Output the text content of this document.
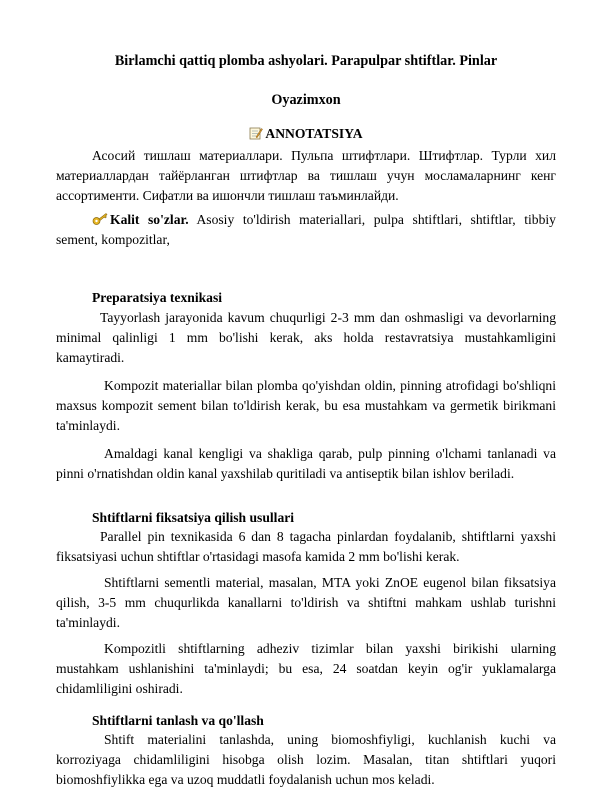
Birlamchi qattiq plomba ashyolari. Parapulpar shtiftlar. Pinlar
Oyazimxon
ANNOTATSIYA
Асосий тишлаш материаллари. Пульпа штифтлари. Штифтлар. Турли хил материаллардан тайёрланган штифтлар ва тишлаш учун мосламаларнинг кенг ассортименти. Сифатли ва ишончли тишлаш таъминлайди.
Kalit so'zlar. Asosiy to'ldirish materiallari, pulpa shtiftlari, shtiftlar, tibbiy sement, kompozitlar,
Preparatsiya texnikasi
Tayyorlash jarayonida kavum chuqurligi 2-3 mm dan oshmasligi va devorlarning minimal qalinligi 1 mm bo'lishi kerak, aks holda restavratsiya mustahkamligini kamaytiradi.
Kompozit materiallar bilan plomba qo'yishdan oldin, pinning atrofidagi bo'shliqni maxsus kompozit sement bilan to'ldirish kerak, bu esa mustahkam va germetik birikmani ta'minlaydi.
Amaldagi kanal kengligi va shakliga qarab, pulp pinning o'lchami tanlanadi va pinni o'rnatishdan oldin kanal yaxshilab quritiladi va antiseptik bilan ishlov beriladi.
Shtiftlarni fiksatsiya qilish usullari
Parallel pin texnikasida 6 dan 8 tagacha pinlardan foydalanib, shtiftlarni yaxshi fiksatsiyasi uchun shtiftlar o'rtasidagi masofa kamida 2 mm bo'lishi kerak.
Shtiftlarni sementli material, masalan, MTA yoki ZnOE eugenol bilan fiksatsiya qilish, 3-5 mm chuqurlikda kanallarni to'ldirish va shtiftni mahkam ushlab turishni ta'minlaydi.
Kompozitli shtiftlarning adheziv tizimlar bilan yaxshi birikishi ularning mustahkam ushlanishini ta'minlaydi; bu esa, 24 soatdan keyin og'ir yuklamalarga chidamliligini oshiradi.
Shtiftlarni tanlash va qo'llash
Shtift materialini tanlashda, uning biomoshfiyligi, kuchlanish kuchi va korroziyaga chidamliligini hisobga olish lozim. Masalan, titan shtiftlari yuqori biomoshfiylikka ega va uzoq muddatli foydalanish uchun mos keladi.
